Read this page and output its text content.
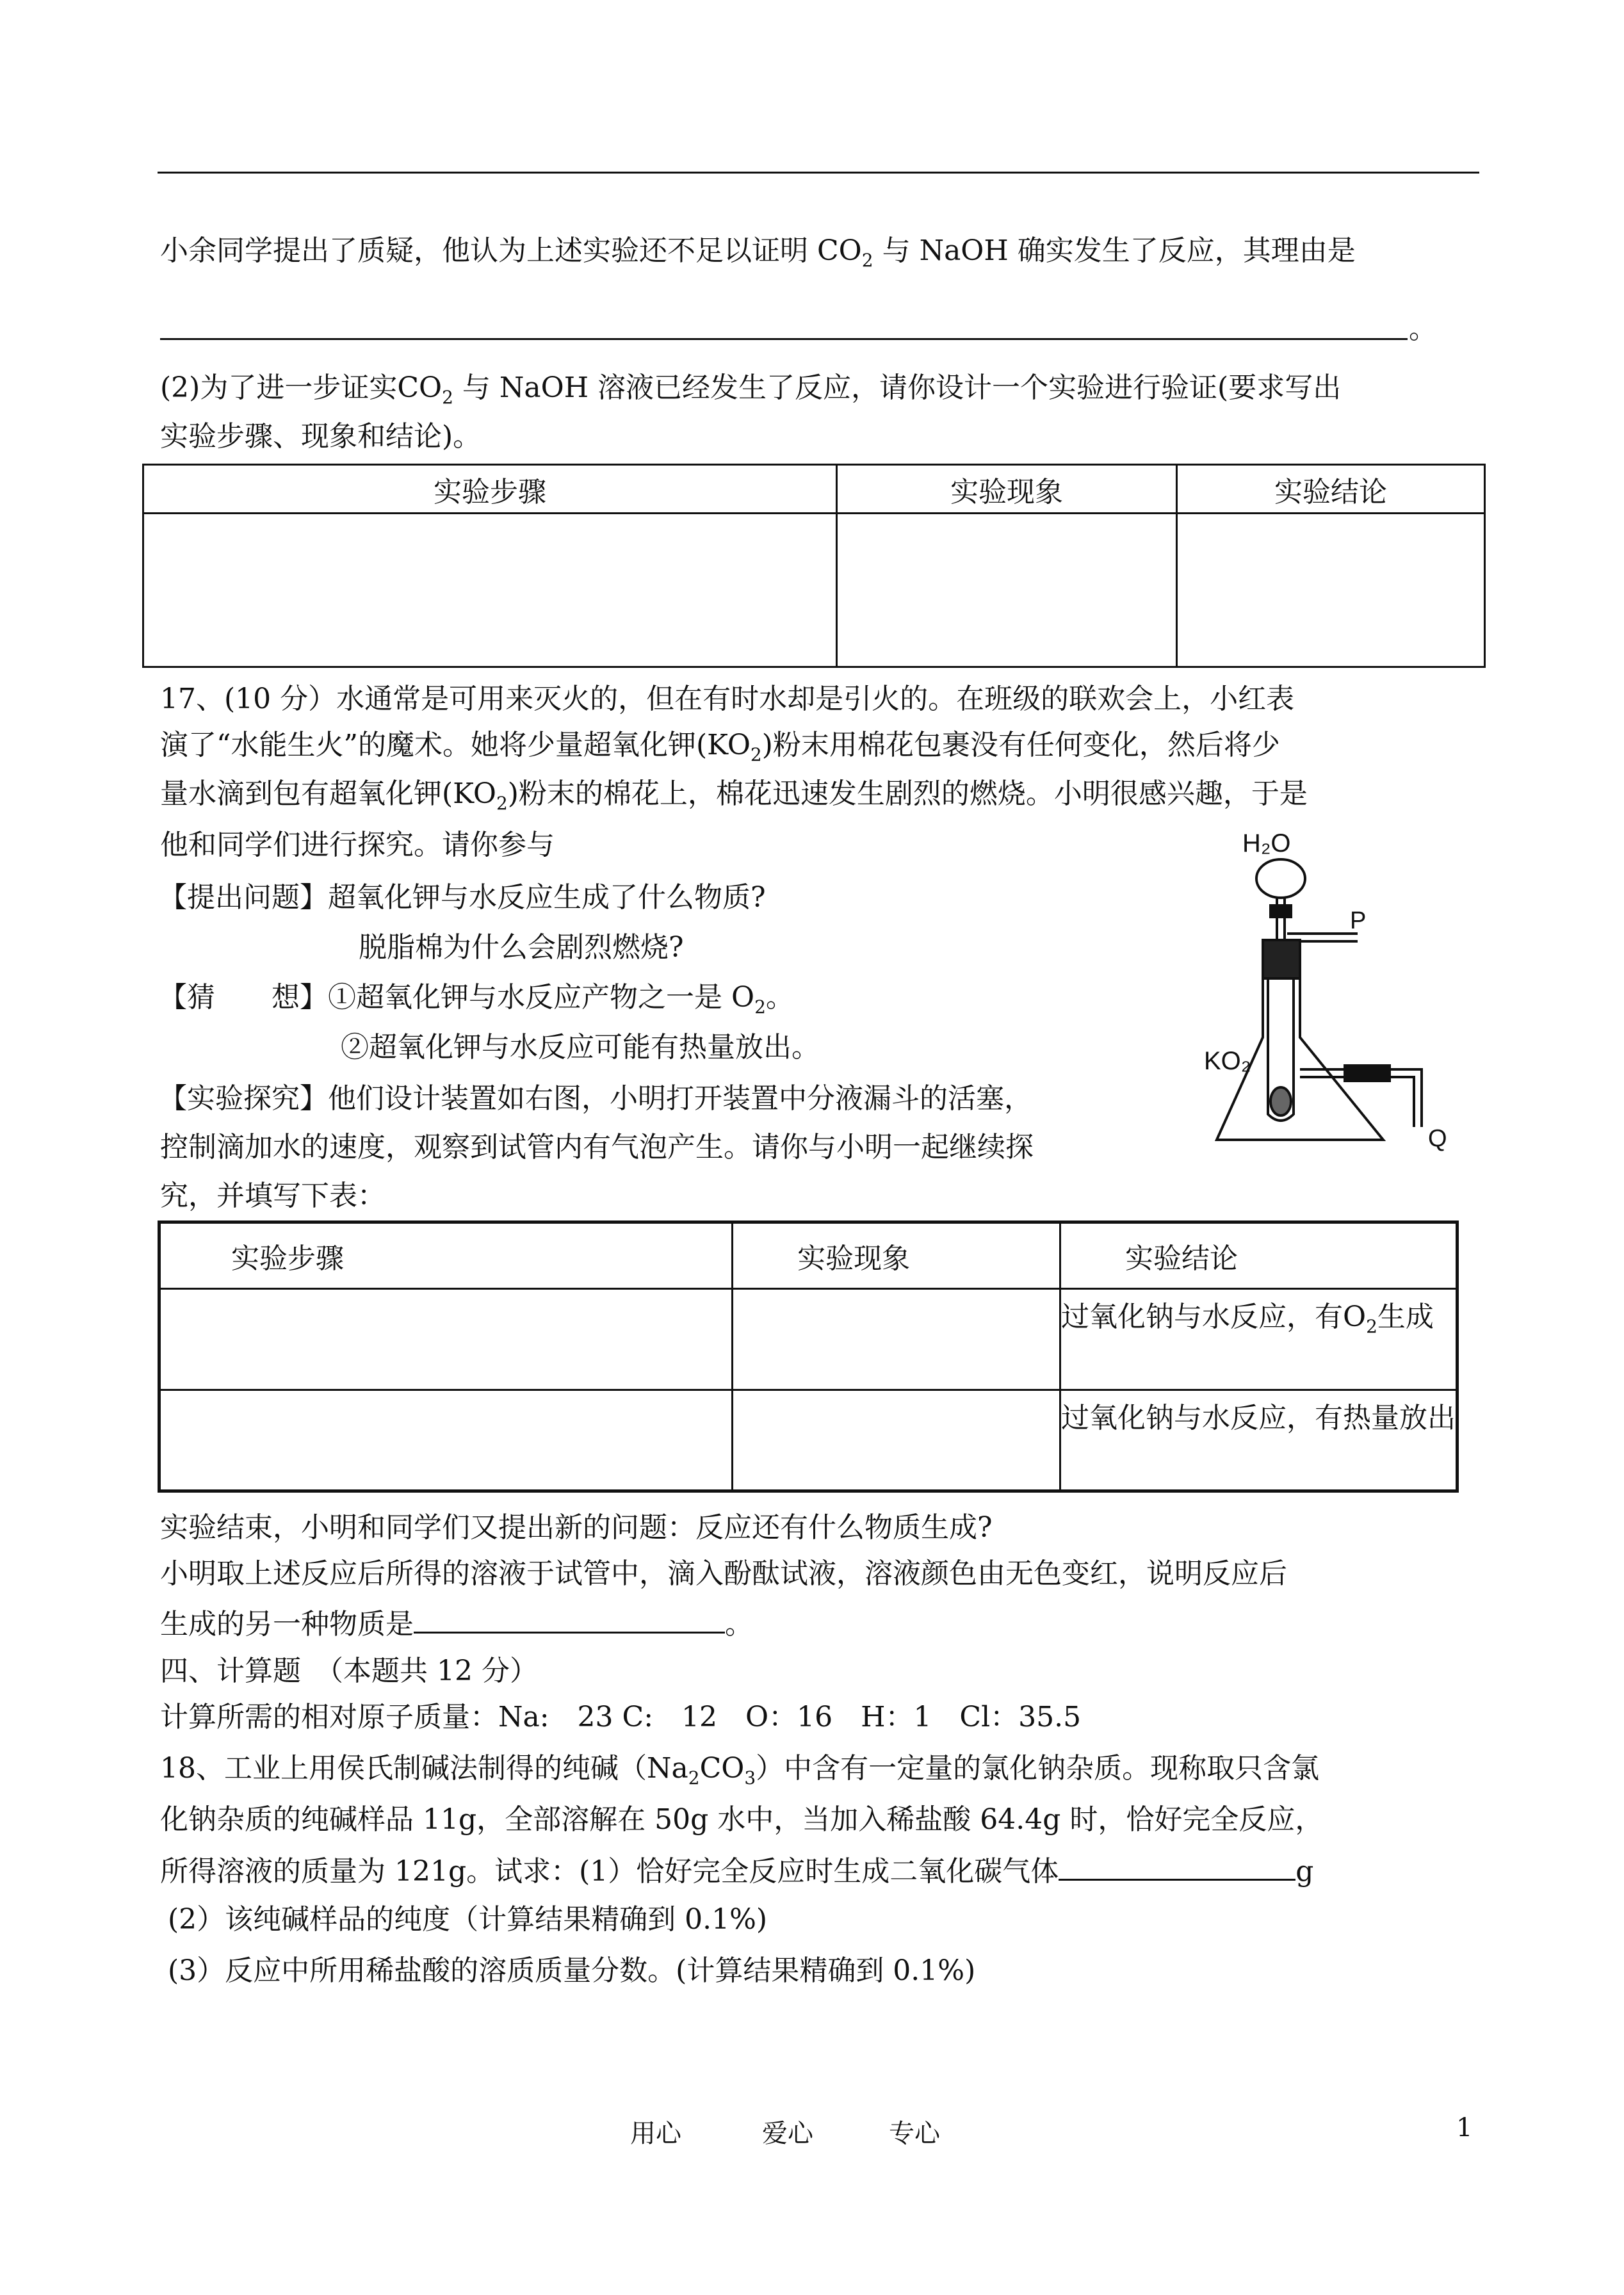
小余同学提出了质疑，他认为上述实验还不足以证明 $CO_2$ 与 NaOH 确实发生了反应，其理由是
。
(2)为了进一步证实$CO_2$ 与 NaOH 溶液已经发生了反应，请你设计一个实验进行验证(要求写出
实验步骤、现象和结论)。
实验步骤	实验现象	实验结论

17、(10 分）水通常是可用来灭火的，但在有时水却是引火的。在班级的联欢会上，小红表
演了“水能生火”的魔术。她将少量超氧化钾$(KO_2)$粉末用棉花包裹没有任何变化，然后将少
量水滴到包有超氧化钾$(KO_2)$粉末的棉花上，棉花迅速发生剧烈的燃烧。小明很感兴趣，于是
他和同学们进行探究。请你参与
【提出问题】超氧化钾与水反应生成了什么物质?
脱脂棉为什么会剧烈燃烧?
【猜　　想】①超氧化钾与水反应产物之一是 $O_2$。
②超氧化钾与水反应可能有热量放出。
【实验探究】他们设计装置如右图，小明打开装置中分液漏斗的活塞，
控制滴加水的速度，观察到试管内有气泡产生。请你与小明一起继续探
究，并填写下表：
H₂O
P
KO₂
Q
实验步骤	实验现象	实验结论
		过氧化钠与水反应，有$O_2$生成
		过氧化钠与水反应，有热量放出
实验结束，小明和同学们又提出新的问题：反应还有什么物质生成?
小明取上述反应后所得的溶液于试管中，滴入酚酞试液，溶液颜色由无色变红，说明反应后
生成的另一种物质是	。
四、计算题　（本题共 12 分）
计算所需的相对原子质量：Na:　23 C:　12　O：16　H：1　Cl：35.5
18、工业上用侯氏制碱法制得的纯碱$(Na_2CO_3)$中含有一定量的氯化钠杂质。现称取只含氯
化钠杂质的纯碱样品 11g，全部溶解在 50g 水中，当加入稀盐酸 64.4g 时，恰好完全反应，
所得溶液的质量为 121g。试求：(1）恰好完全反应时生成二氧化碳气体	g
(2）该纯碱样品的纯度（计算结果精确到 0.1%)
(3）反应中所用稀盐酸的溶质质量分数。(计算结果精确到 0.1%)
用心	爱心	专心	1
